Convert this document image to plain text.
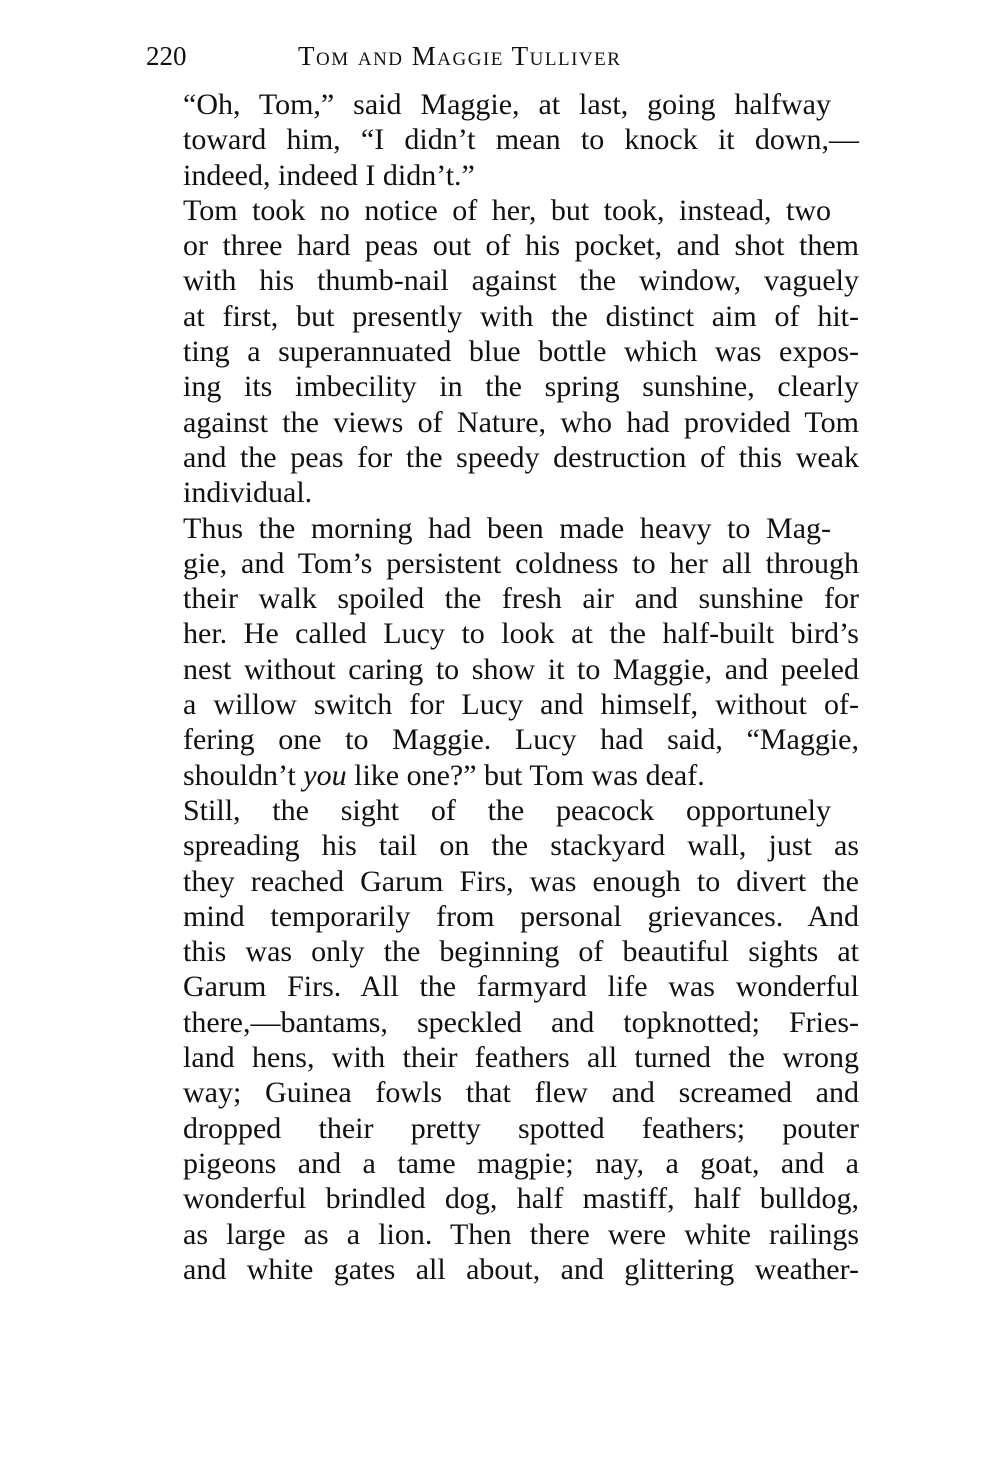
220	Tom and Maggie Tulliver

“Oh, Tom,” said Maggie, at last, going halfway
toward him, “I didn’t mean to knock it down,—
indeed, indeed I didn’t.”

Tom took no notice of her, but took, instead, two
or three hard peas out of his pocket, and shot them
with his thumb-nail against the window, vaguely
at first, but presently with the distinct aim of hit-
ting a superannuated blue bottle which was expos-
ing its imbecility in the spring sunshine, clearly
against the views of Nature, who had provided Tom
and the peas for the speedy destruction of this weak
individual.

Thus the morning had been made heavy to Mag-
gie, and Tom’s persistent coldness to her all through
their walk spoiled the fresh air and sunshine for
her. He called Lucy to look at the half-built bird’s
nest without caring to show it to Maggie, and peeled
a willow switch for Lucy and himself, without of-
fering one to Maggie. Lucy had said, “Maggie,
shouldn’t you like one?” but Tom was deaf.

Still, the sight of the peacock opportunely
spreading his tail on the stackyard wall, just as
they reached Garum Firs, was enough to divert the
mind temporarily from personal grievances. And
this was only the beginning of beautiful sights at
Garum Firs. All the farmyard life was wonderful
there,—bantams, speckled and topknotted; Fries-
land hens, with their feathers all turned the wrong
way; Guinea fowls that flew and screamed and
dropped their pretty spotted feathers; pouter
pigeons and a tame magpie; nay, a goat, and a
wonderful brindled dog, half mastiff, half bulldog,
as large as a lion. Then there were white railings
and white gates all about, and glittering weather-
